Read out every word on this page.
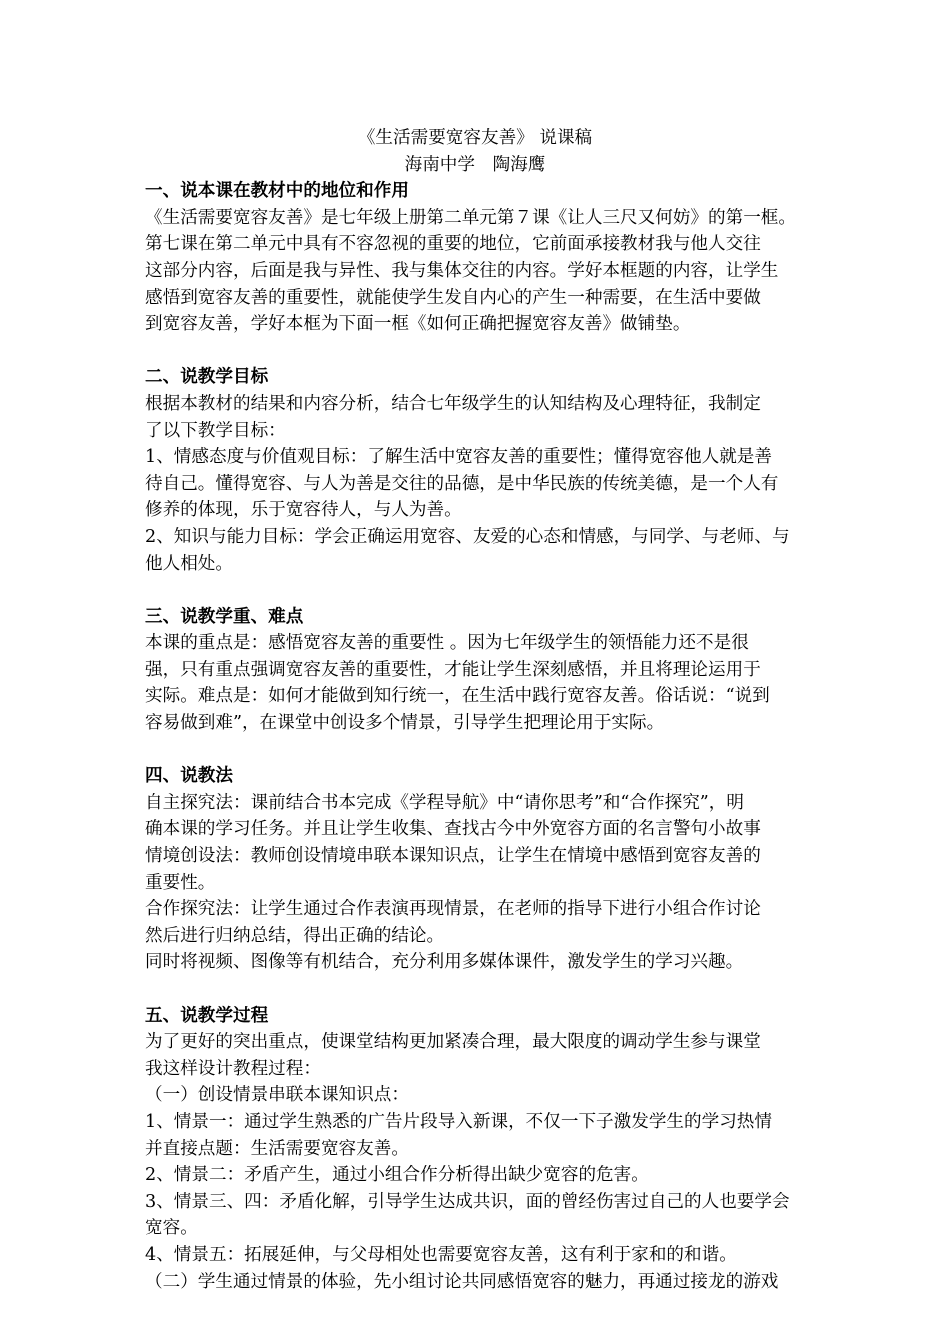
《生活需要宽容友善》 说课稿
海南中学　陶海鹰
一、说本课在教材中的地位和作用
《生活需要宽容友善》是七年级上册第二单元第７课《让人三尺又何妨》的第一框。
第七课在第二单元中具有不容忽视的重要的地位，它前面承接教材我与他人交往
这部分内容，后面是我与异性、我与集体交往的内容。学好本框题的内容，让学生
感悟到宽容友善的重要性，就能使学生发自内心的产生一种需要，在生活中要做
到宽容友善，学好本框为下面一框《如何正确把握宽容友善》做铺垫。
二、说教学目标
根据本教材的结果和内容分析，结合七年级学生的认知结构及心理特征，我制定
了以下教学目标：
1、情感态度与价值观目标：了解生活中宽容友善的重要性；懂得宽容他人就是善
待自己。懂得宽容、与人为善是交往的品德，是中华民族的传统美德，是一个人有
修养的体现，乐于宽容待人，与人为善。
2、知识与能力目标：学会正确运用宽容、友爱的心态和情感，与同学、与老师、与
他人相处。
三、说教学重、难点
本课的重点是：感悟宽容友善的重要性 。因为七年级学生的领悟能力还不是很
强，只有重点强调宽容友善的重要性，才能让学生深刻感悟，并且将理论运用于
实际。难点是：如何才能做到知行统一，在生活中践行宽容友善。俗话说：“说到
容易做到难”，在课堂中创设多个情景，引导学生把理论用于实际。
四、说教法
自主探究法：课前结合书本完成《学程导航》中“请你思考”和“合作探究”，明
确本课的学习任务。并且让学生收集、查找古今中外宽容方面的名言警句小故事
情境创设法：教师创设情境串联本课知识点，让学生在情境中感悟到宽容友善的
重要性。
合作探究法：让学生通过合作表演再现情景，在老师的指导下进行小组合作讨论
然后进行归纳总结，得出正确的结论。
同时将视频、图像等有机结合，充分利用多媒体课件，激发学生的学习兴趣。
五、说教学过程
为了更好的突出重点，使课堂结构更加紧凑合理，最大限度的调动学生参与课堂
我这样设计教程过程：
（一）创设情景串联本课知识点：
1、情景一：通过学生熟悉的广告片段导入新课，不仅一下子激发学生的学习热情
并直接点题：生活需要宽容友善。
2、情景二：矛盾产生，通过小组合作分析得出缺少宽容的危害。
3、情景三、四：矛盾化解，引导学生达成共识，面的曾经伤害过自己的人也要学会
宽容。
4、情景五：拓展延伸，与父母相处也需要宽容友善，这有利于家和的和谐。
（二）学生通过情景的体验，先小组讨论共同感悟宽容的魅力，再通过接龙的游戏
